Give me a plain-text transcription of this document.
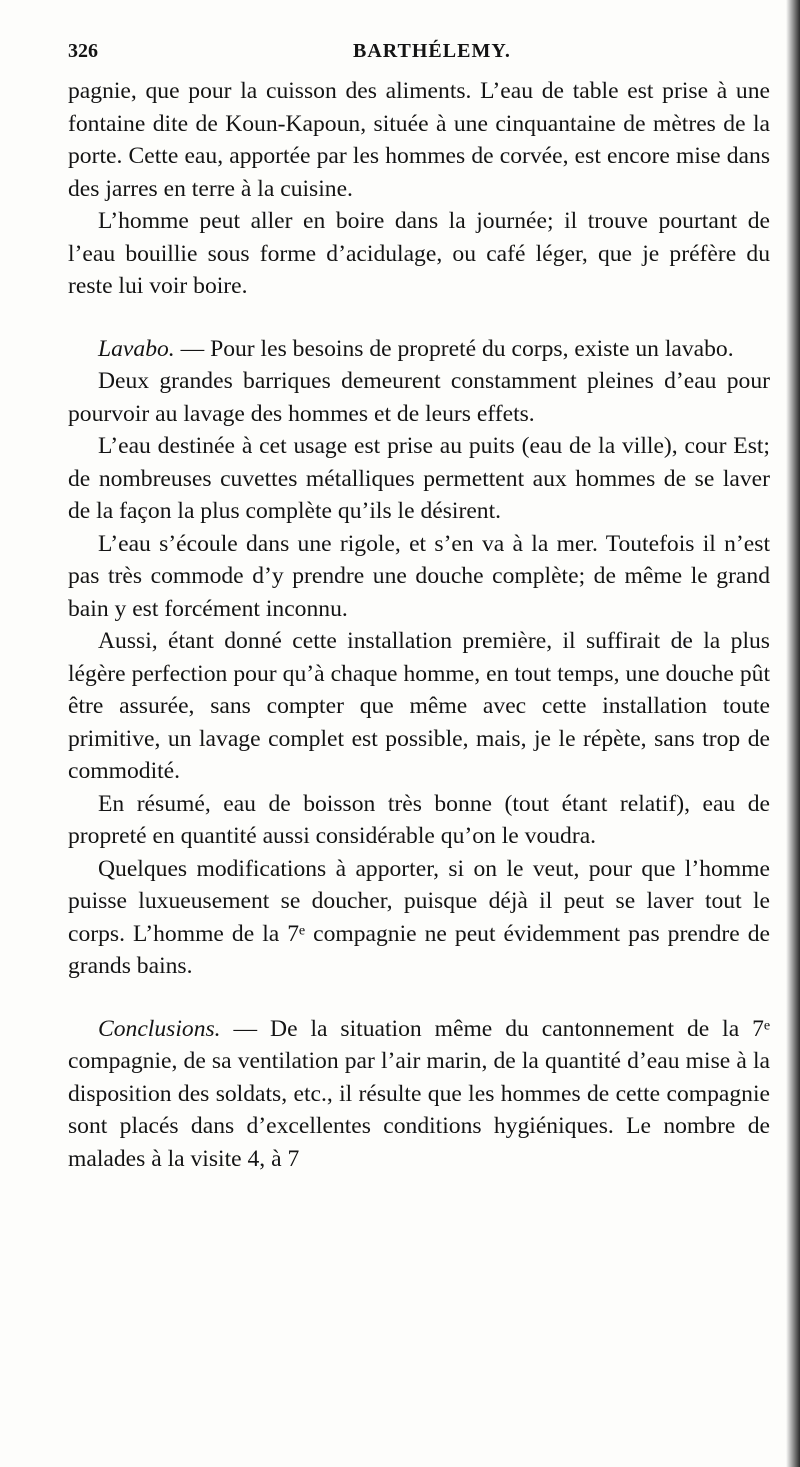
326	BARTHÉLEMY.

pagnie, que pour la cuisson des aliments. L’eau de table est prise à une fontaine dite de Koun-Kapoun, située à une cinquantaine de mètres de la porte. Cette eau, apportée par les hommes de corvée, est encore mise dans des jarres en terre à la cuisine.

L’homme peut aller en boire dans la journée; il trouve pourtant de l’eau bouillie sous forme d’acidulage, ou café léger, que je préfère du reste lui voir boire.

Lavabo. — Pour les besoins de propreté du corps, existe un lavabo.

Deux grandes barriques demeurent constamment pleines d’eau pour pourvoir au lavage des hommes et de leurs effets.

L’eau destinée à cet usage est prise au puits (eau de la ville), cour Est; de nombreuses cuvettes métalliques permettent aux hommes de se laver de la façon la plus complète qu’ils le désirent.

L’eau s’écoule dans une rigole, et s’en va à la mer. Toutefois il n’est pas très commode d’y prendre une douche complète; de même le grand bain y est forcément inconnu.

Aussi, étant donné cette installation première, il suffirait de la plus légère perfection pour qu’à chaque homme, en tout temps, une douche pût être assurée, sans compter que même avec cette installation toute primitive, un lavage complet est possible, mais, je le répète, sans trop de commodité.

En résumé, eau de boisson très bonne (tout étant relatif), eau de propreté en quantité aussi considérable qu’on le voudra.

Quelques modifications à apporter, si on le veut, pour que l’homme puisse luxueusement se doucher, puisque déjà il peut se laver tout le corps. L’homme de la 7ᵉ compagnie ne peut évidemment pas prendre de grands bains.

Conclusions. — De la situation même du cantonnement de la 7ᵉ compagnie, de sa ventilation par l’air marin, de la quantité d’eau mise à la disposition des soldats, etc., il résulte que les hommes de cette compagnie sont placés dans d’excellentes conditions hygiéniques. Le nombre de malades à la visite 4, à 7
